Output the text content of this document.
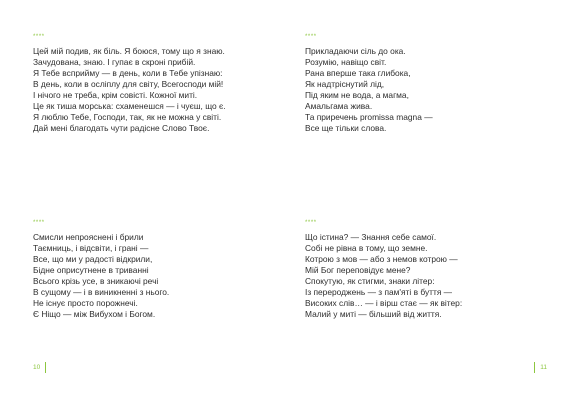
****
Цей мій подив, як біль. Я боюся, тому що я знаю.
Зачудована, знаю. І гупає в скроні прибій.
Я Тебе всприйму — в день, коли в Тебе упізнаю:
В день, коли в осліплу для світу, Всегосподи мій!
І нічого не треба, крім совісті. Кожної миті.
Це як тиша морська: схаменешся — і чуєш, що є.
Я люблю Тебе, Господи, так, як не можна у світі.
Дай мені благодать чути радісне Слово Твоє.
****
Смисли непрояснені і брили
Таємниць, і відсвіти, і грані —
Все, що ми у радості відкрили,
Бідне оприсутнене в триванні
Всього крізь усе, в зникаючі речі
В сущому — і в виникненні з нього.
Не існує просто порожнечі.
Є Ніщо — між Вибухом і Богом.
10
****
Прикладаючи сіль до ока.
Розумію, навіщо світ.
Рана вперше така глибока,
Як надтріснутий лід,
Під яким не вода, а магма,
Амальгама жива.
Та приречень promissa magna —
Все ще тільки слова.
****
Що істина? — Знання себе самої.
Собі не рівна в тому, що земне.
Котрою з мов — або з немов котрою —
Мій Бог переповідує мене?
Спокутую, як стигми, знаки літер:
Із перероджень — з пам'яті в буття —
Високих слів… — і вірш стає — як вітер:
Малий у миті — більший від життя.
11
